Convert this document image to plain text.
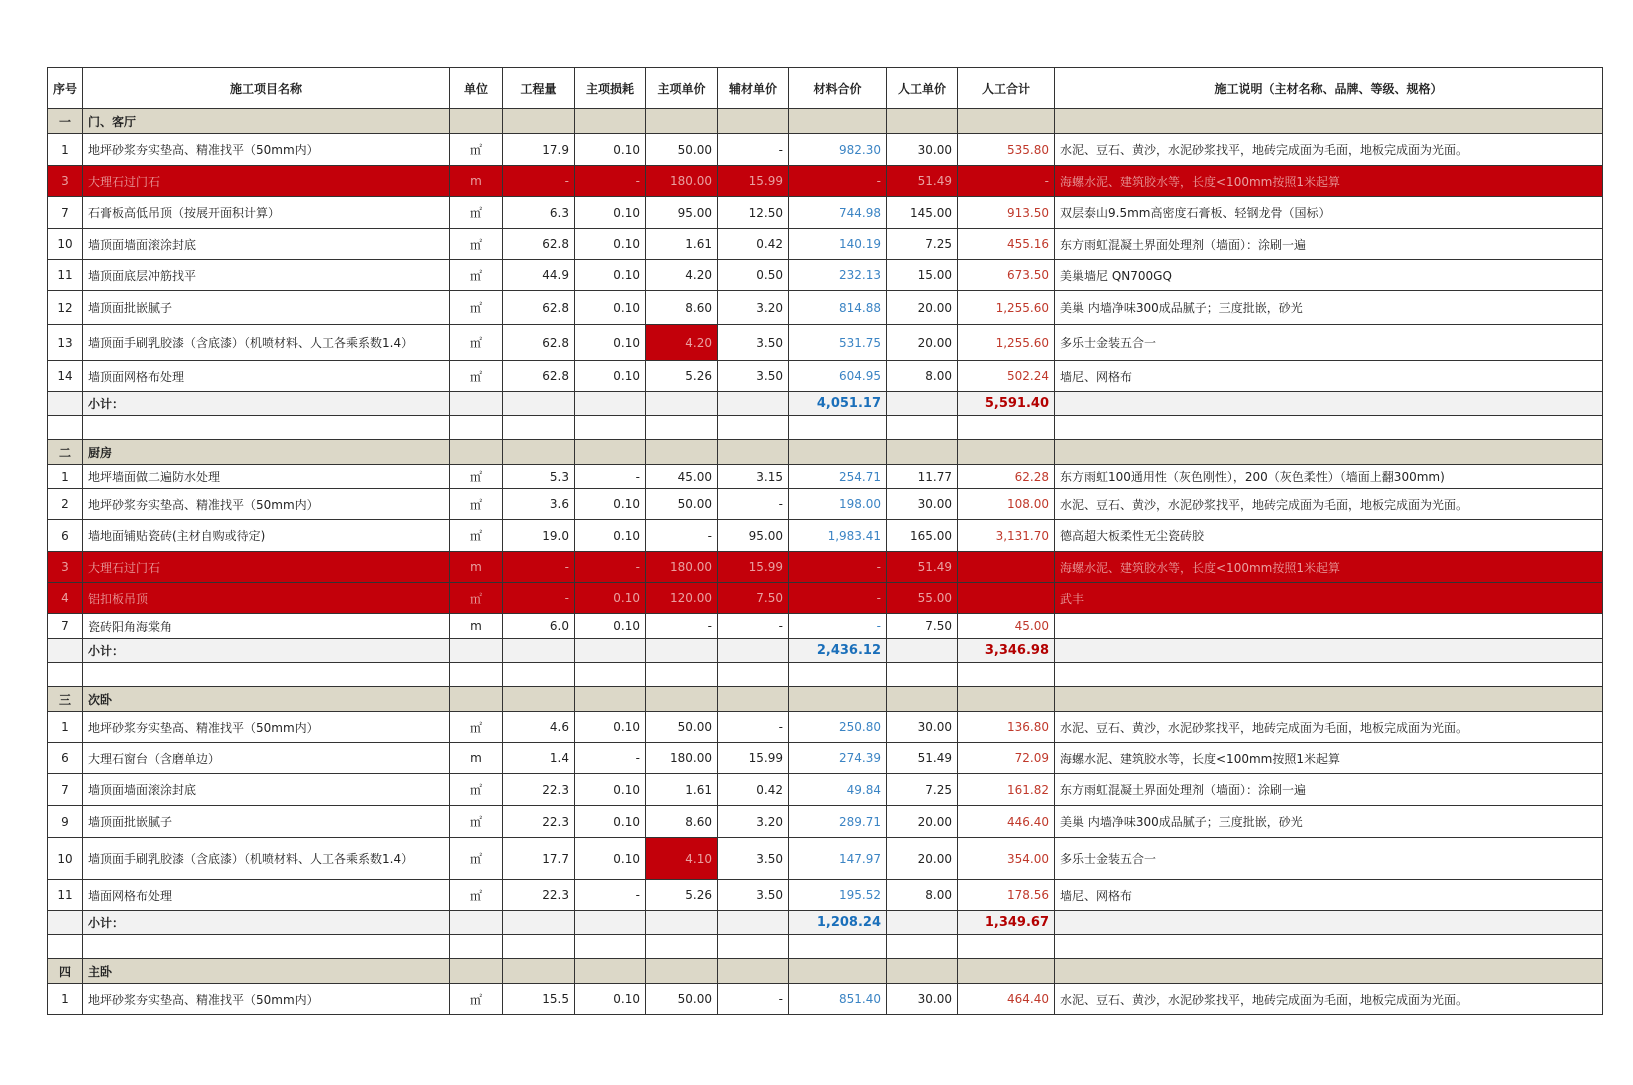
序号	施工项目名称	单位	工程量	主项损耗	主项单价	辅材单价	材料合价	人工单价	人工合计	施工说明（主材名称、品牌、等级、规格）
一	门、客厅									
1	地坪砂浆夯实垫高、精准找平（50mm内）	㎡	17.9	0.10	50.00	-	982.30	30.00	535.80	水泥、豆石、黄沙，水泥砂浆找平，地砖完成面为毛面，地板完成面为光面。
3	大理石过门石	m	-	-	180.00	15.99	-	51.49	-	海螺水泥、建筑胶水等，长度<100mm按照1米起算
7	石膏板高低吊顶（按展开面积计算）	㎡	6.3	0.10	95.00	12.50	744.98	145.00	913.50	双层泰山9.5mm高密度石膏板、轻钢龙骨（国标）
10	墙顶面墙面滚涂封底	㎡	62.8	0.10	1.61	0.42	140.19	7.25	455.16	东方雨虹混凝土界面处理剂（墙面）：涂刷一遍
11	墙顶面底层冲筋找平	㎡	44.9	0.10	4.20	0.50	232.13	15.00	673.50	美巢墙尼 QN700GQ
12	墙顶面批嵌腻子	㎡	62.8	0.10	8.60	3.20	814.88	20.00	1,255.60	美巢 内墙净味300成品腻子；三度批嵌，砂光
13	墙顶面手刷乳胶漆（含底漆）（机喷材料、人工各乘系数1.4）	㎡	62.8	0.10	4.20	3.50	531.75	20.00	1,255.60	多乐士金装五合一
14	墙顶面网格布处理	㎡	62.8	0.10	5.26	3.50	604.95	8.00	502.24	墙尼、网格布
	小计：						4,051.17		5,591.40	

二	厨房									
1	地坪墙面做二遍防水处理	㎡	5.3	-	45.00	3.15	254.71	11.77	62.28	东方雨虹100通用性（灰色刚性），200（灰色柔性）（墙面上翻300mm)
2	地坪砂浆夯实垫高、精准找平（50mm内）	㎡	3.6	0.10	50.00	-	198.00	30.00	108.00	水泥、豆石、黄沙，水泥砂浆找平，地砖完成面为毛面，地板完成面为光面。
6	墙地面铺贴瓷砖(主材自购或待定)	㎡	19.0	0.10	-	95.00	1,983.41	165.00	3,131.70	德高超大板柔性无尘瓷砖胶
3	大理石过门石	m	-	-	180.00	15.99	-	51.49		海螺水泥、建筑胶水等，长度<100mm按照1米起算
4	铝扣板吊顶	㎡	-	0.10	120.00	7.50	-	55.00		武丰
7	瓷砖阳角海棠角	m	6.0	0.10	-	-	-	7.50	45.00	
	小计：						2,436.12		3,346.98	

三	次卧									
1	地坪砂浆夯实垫高、精准找平（50mm内）	㎡	4.6	0.10	50.00	-	250.80	30.00	136.80	水泥、豆石、黄沙，水泥砂浆找平，地砖完成面为毛面，地板完成面为光面。
6	大理石窗台（含磨单边）	m	1.4	-	180.00	15.99	274.39	51.49	72.09	海螺水泥、建筑胶水等，长度<100mm按照1米起算
7	墙顶面墙面滚涂封底	㎡	22.3	0.10	1.61	0.42	49.84	7.25	161.82	东方雨虹混凝土界面处理剂（墙面）：涂刷一遍
9	墙顶面批嵌腻子	㎡	22.3	0.10	8.60	3.20	289.71	20.00	446.40	美巢 内墙净味300成品腻子；三度批嵌，砂光
10	墙顶面手刷乳胶漆（含底漆）（机喷材料、人工各乘系数1.4）	㎡	17.7	0.10	4.10	3.50	147.97	20.00	354.00	多乐士金装五合一
11	墙面网格布处理	㎡	22.3	-	5.26	3.50	195.52	8.00	178.56	墙尼、网格布
	小计：						1,208.24		1,349.67	

四	主卧									
1	地坪砂浆夯实垫高、精准找平（50mm内）	㎡	15.5	0.10	50.00	-	851.40	30.00	464.40	水泥、豆石、黄沙，水泥砂浆找平，地砖完成面为毛面，地板完成面为光面。
